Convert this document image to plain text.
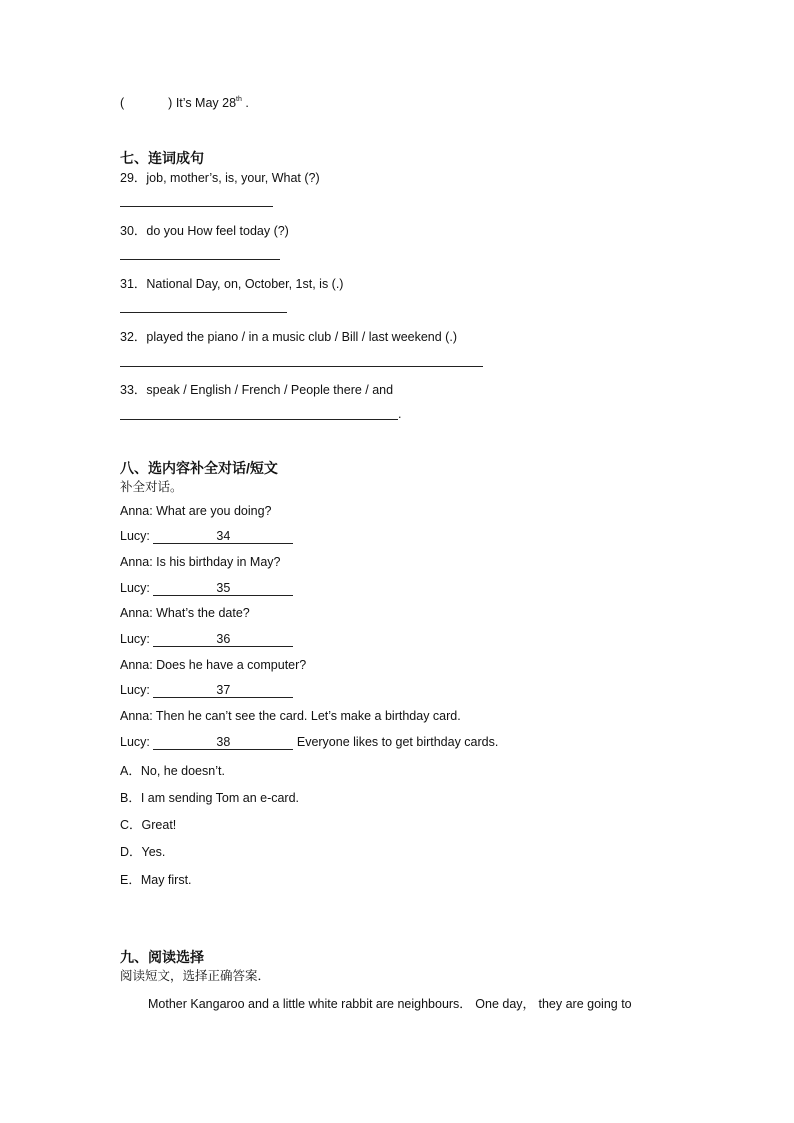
(	) It’s May 28th .
七、连词成句
29．job, mother’s, is, your, What (?)
30．do you How feel today (?)
31．National Day, on, October, 1st, is (.)
32．played the piano / in a music club / Bill / last weekend (.)
33．speak / English / French / People there / and
.
八、选内容补全对话/短文
补全对话。
Anna: What are you doing?
Lucy:	34
Anna: Is his birthday in May?
Lucy:	35
Anna: What’s the date?
Lucy:	36
Anna: Does he have a computer?
Lucy:	37
Anna: Then he can’t see the card. Let’s make a birthday card.
Lucy:	38	Everyone likes to get birthday cards.
A．No, he doesn’t.
B．I am sending Tom an e-card.
C．Great!
D．Yes.
E．May first.
九、阅读选择
阅读短文，选择正确答案．
Mother Kangaroo and a little white rabbit are neighbours． One day， they are going to
